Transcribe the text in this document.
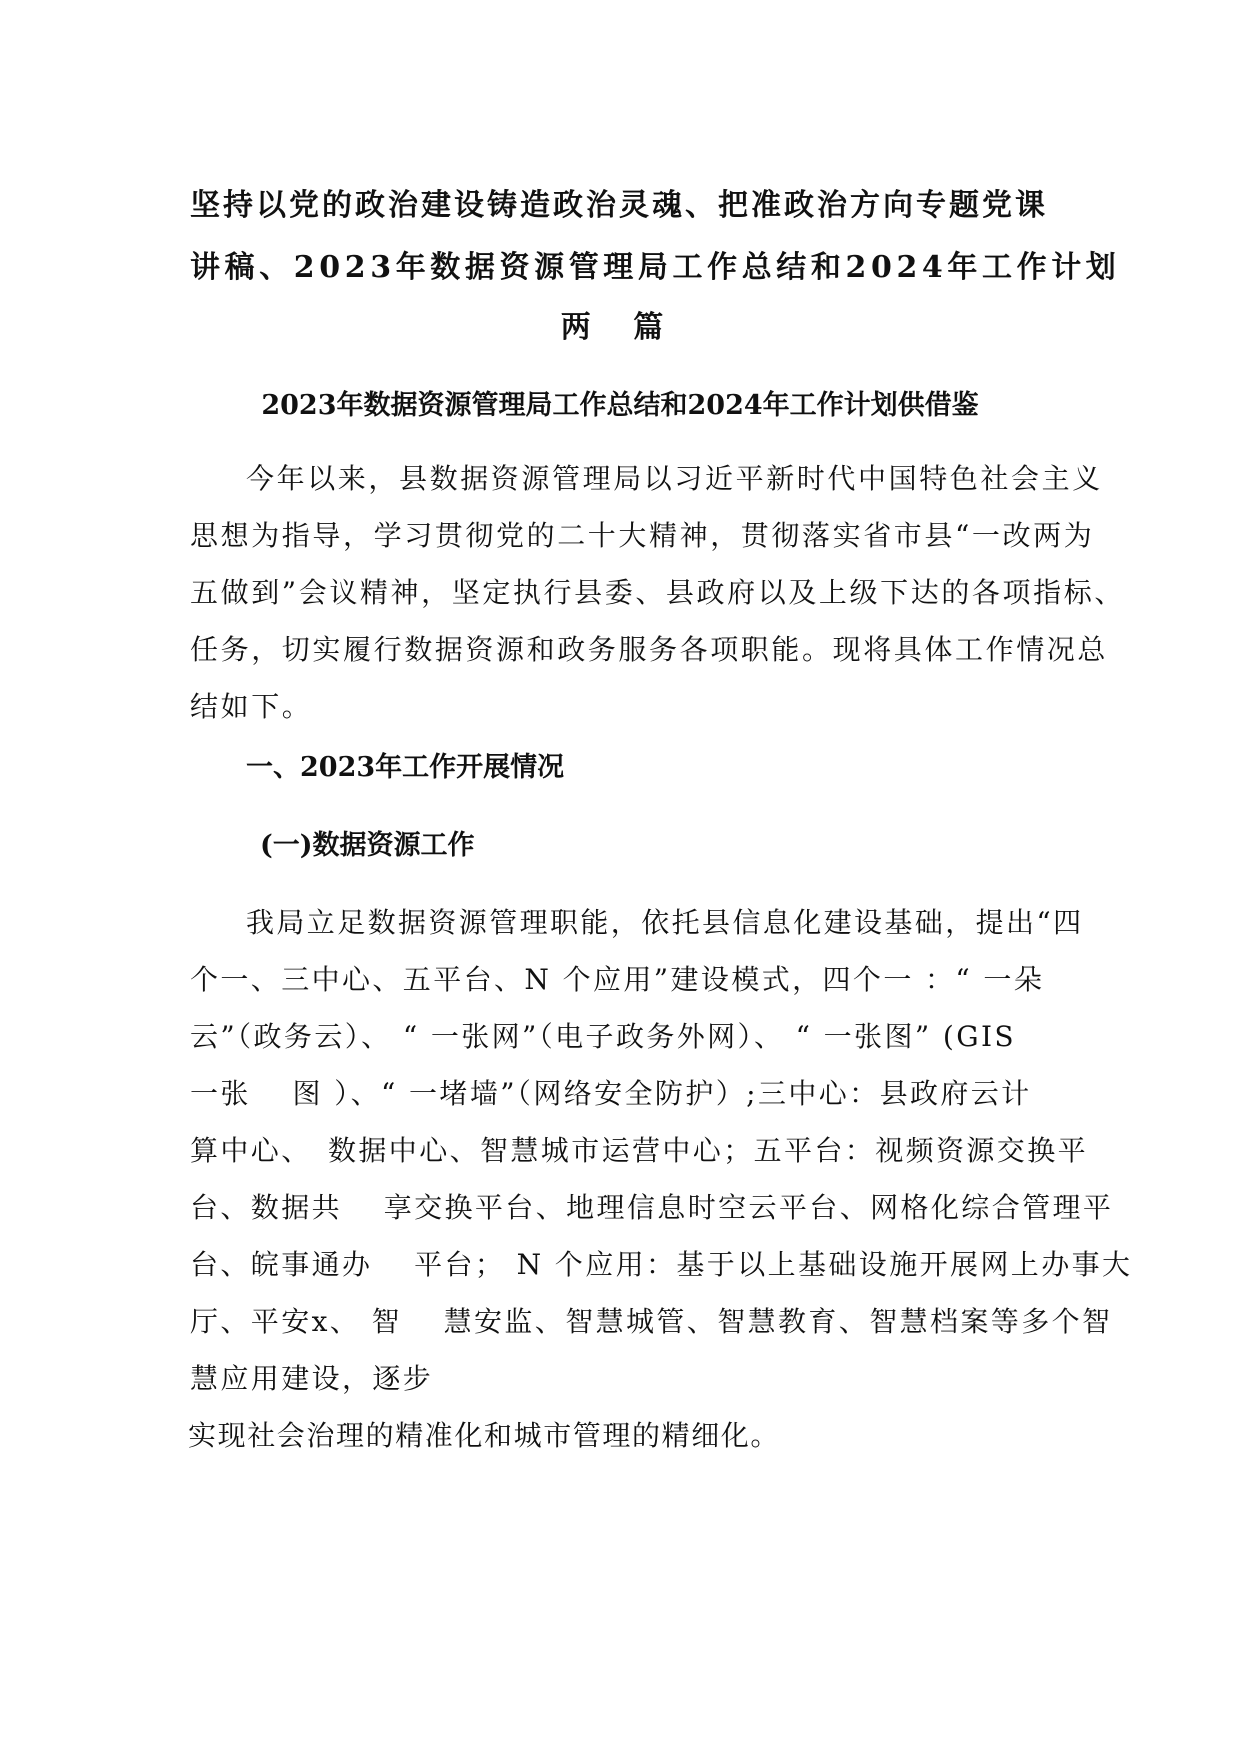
坚持以党的政治建设铸造政治灵魂、把准政治方向专题党课
讲稿、2023年数据资源管理局工作总结和2024年工作计划
两 篇
2023年数据资源管理局工作总结和2024年工作计划供借鉴

今年以来，县数据资源管理局以习近平新时代中国特色社会主义

思想为指导，学习贯彻党的二十大精神，贯彻落实省市县“一改两为

五做到”会议精神，坚定执行县委、县政府以及上级下达的各项指标、

任务，切实履行数据资源和政务服务各项职能。现将具体工作情况总

结如下。

一、2023年工作开展情况
(一)数据资源工作

我局立足数据资源管理职能，依托县信息化建设基础，提出“四

个一、三中心、五平台、N 个应用”建设模式，四个一 ：“ 一朵

云”（政务云）、 “ 一张网”（电子政务外网）、 “ 一张图” (GIS

一张　 图 ）、“ 一堵墙”（网络安全防护）;三中心：县政府云计

算中心、　数据中心、智慧城市运营中心；五平台：视频资源交换平

台、数据共　 享交换平台、地理信息时空云平台、网格化综合管理平

台、皖事通办　 平台； N 个应用：基于以上基础设施开展网上办事大

厅、平安x、 智　 慧安监、智慧城管、智慧教育、智慧档案等多个智

慧应用建设，逐步

实现社会治理的精准化和城市管理的精细化。
